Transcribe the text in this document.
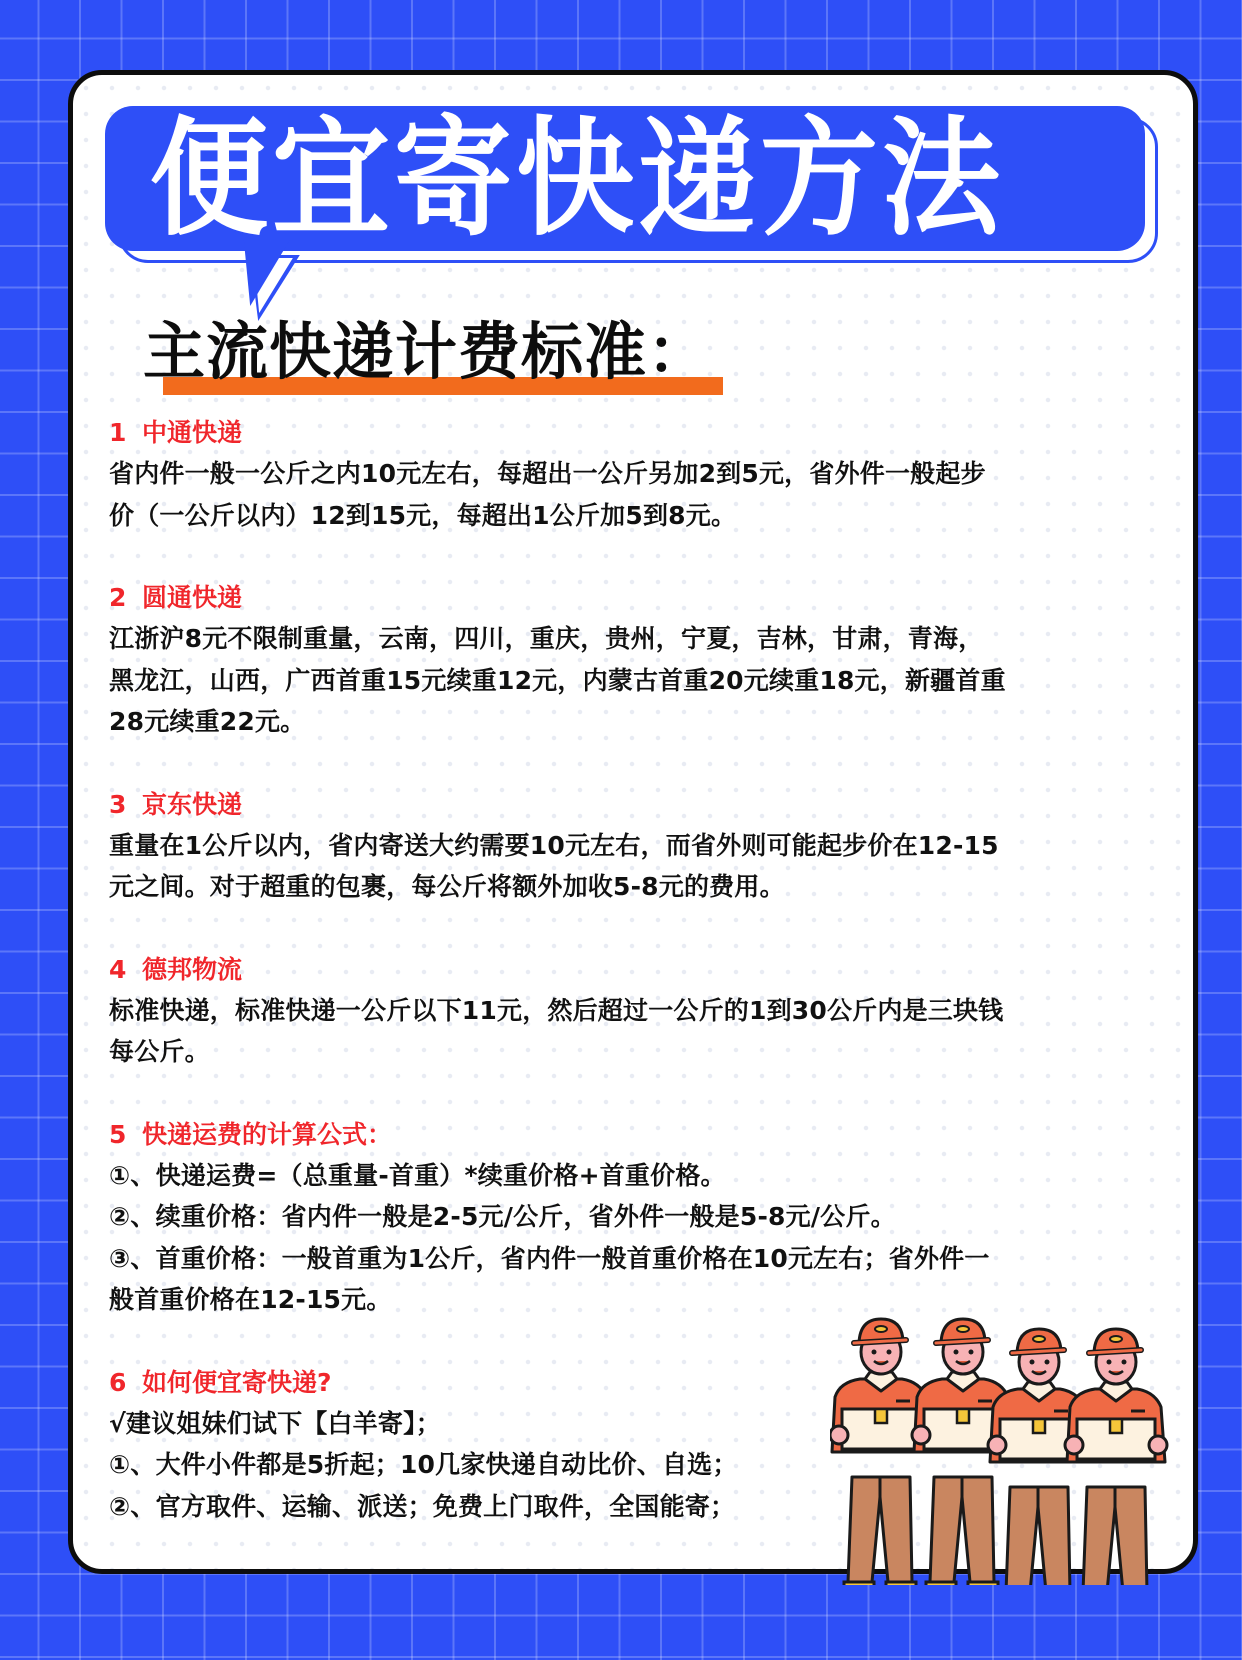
便宜寄快递方法
主流快递计费标准：
1 中通快递
省内件一般一公斤之内10元左右，每超出一公斤另加2到5元，省外件一般起步
价（一公斤以内）12到15元，每超出1公斤加5到8元。
2 圆通快递
江浙沪8元不限制重量，云南，四川，重庆，贵州，宁夏，吉林，甘肃，青海，
黑龙江，山西，广西首重15元续重12元，内蒙古首重20元续重18元，新疆首重
28元续重22元。
3 京东快递
重量在1公斤以内，省内寄送大约需要10元左右，而省外则可能起步价在12-15
元之间。对于超重的包裹，每公斤将额外加收5-8元的费用。
4 德邦物流
标准快递，标准快递一公斤以下11元，然后超过一公斤的1到30公斤内是三块钱
每公斤。
5 快递运费的计算公式：
①、快递运费=（总重量-首重）*续重价格+首重价格。
②、续重价格：省内件一般是2-5元/公斤，省外件一般是5-8元/公斤。
③、首重价格：一般首重为1公斤，省内件一般首重价格在10元左右；省外件一
般首重价格在12-15元。
6 如何便宜寄快递?
√建议姐妹们试下【白羊寄】；
①、大件小件都是5折起；10几家快递自动比价、自选；
②、官方取件、运输、派送；免费上门取件，全国能寄；
